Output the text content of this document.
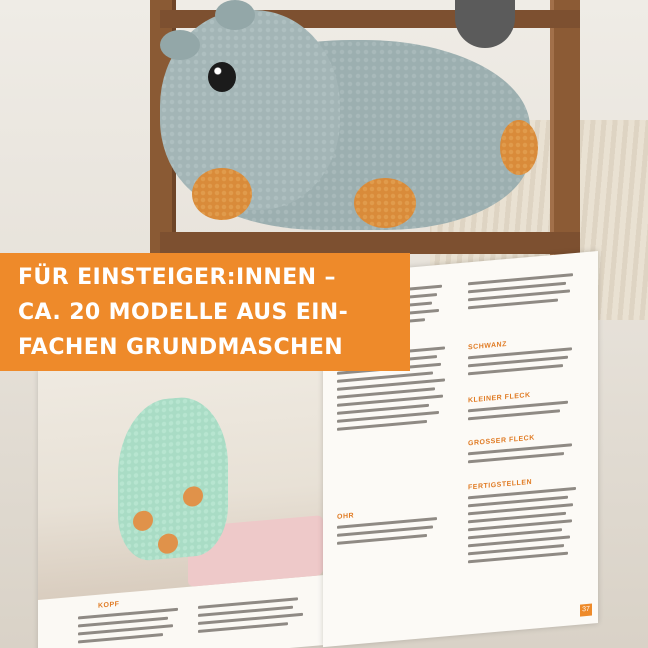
KOPF
OHR
SCHWANZ
KLEINER FLECK
GROSSER FLECK
FERTIGSTELLEN
37
FÜR EINSTEIGER:INNEN –
CA. 20 MODELLE AUS EIN-
FACHEN GRUNDMASCHEN
